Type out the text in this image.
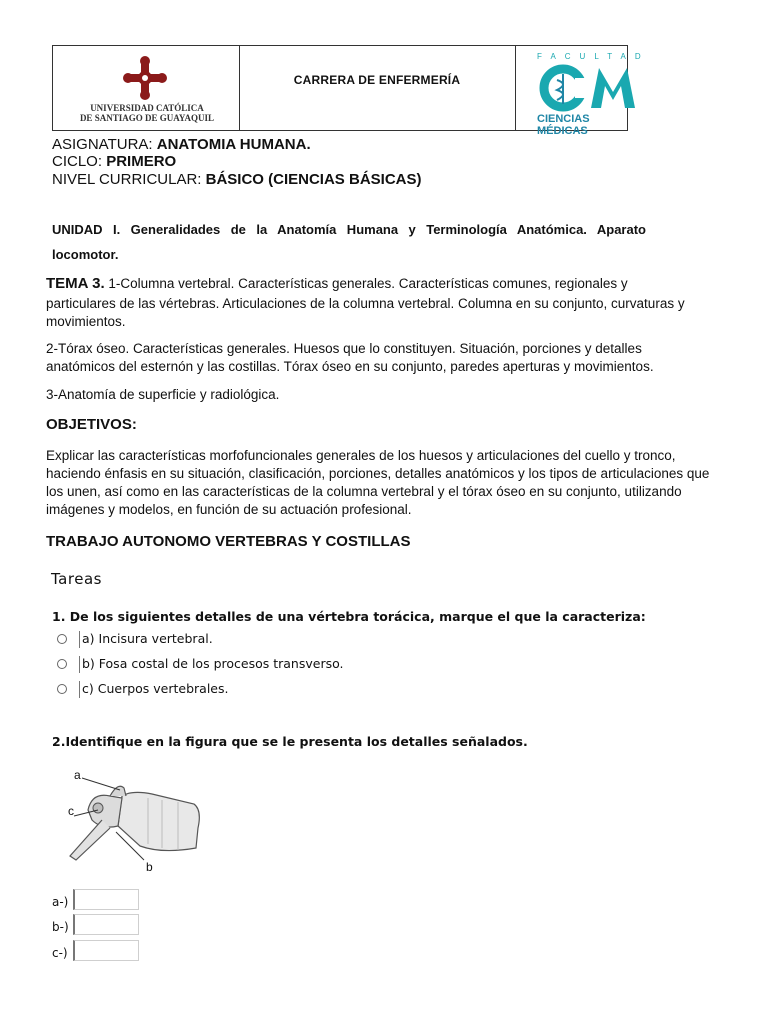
UNIVERSIDAD CATÓLICA
DE SANTIAGO DE GUAYAQUIL
CARRERA DE ENFERMERÍA
FACULTAD
CIENCIAS MÉDICAS
ASIGNATURA: ANATOMIA HUMANA.
CICLO: PRIMERO
NIVEL CURRICULAR: BÁSICO (CIENCIAS BÁSICAS)
UNIDAD I. Generalidades de la Anatomía Humana y Terminología Anatómica. Aparato
locomotor.
TEMA 3. 1-Columna vertebral. Características generales. Características comunes, regionales y
particulares de las vértebras. Articulaciones de la columna vertebral. Columna en su conjunto, curvaturas y
movimientos.
2-Tórax óseo. Características generales. Huesos que lo constituyen. Situación, porciones y detalles
anatómicos del esternón y las costillas. Tórax óseo en su conjunto, paredes aperturas y movimientos.
3-Anatomía de superficie y radiológica.
OBJETIVOS:
Explicar las características morfofuncionales generales de los huesos y articulaciones del cuello y tronco,
haciendo énfasis en su situación, clasificación, porciones, detalles anatómicos y los tipos de articulaciones que
los unen, así como en las características de la columna vertebral y el tórax óseo en su conjunto, utilizando
imágenes y modelos, en función de su actuación profesional.
TRABAJO AUTONOMO VERTEBRAS Y COSTILLAS
Tareas
1. De los siguientes detalles de una vértebra torácica, marque el que la caracteriza:
a) Incisura vertebral.
b) Fosa costal de los procesos transverso.
c) Cuerpos vertebrales.
2.Identifique en la figura que se le presenta los detalles señalados.
a
c
b
a-)
b-)
c-)
